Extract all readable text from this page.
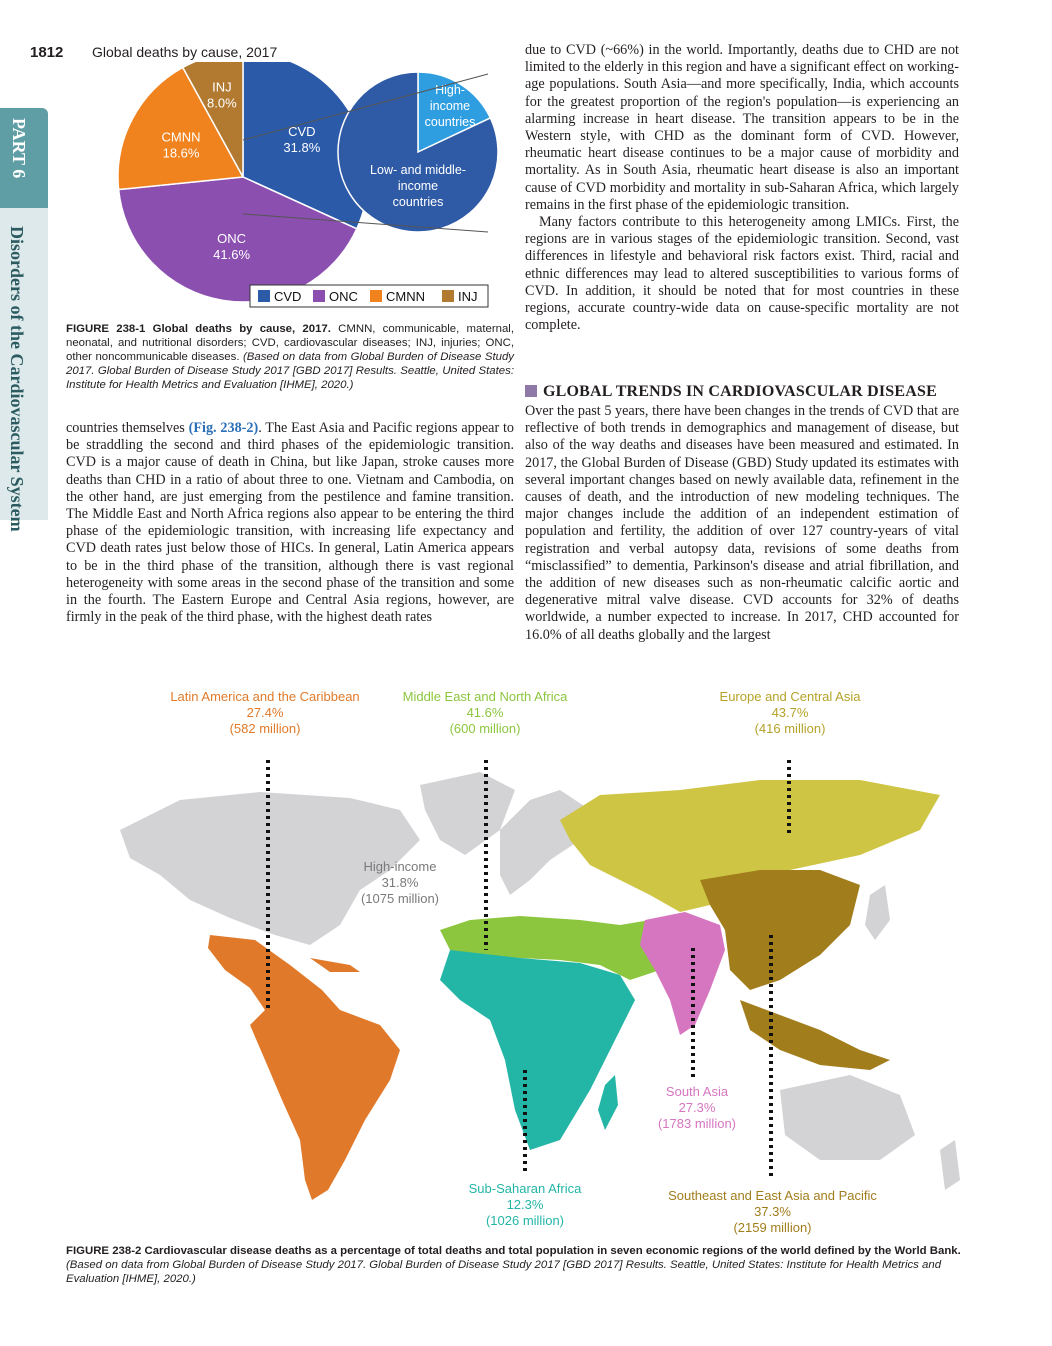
1812
PART 6
Disorders of the Cardiovascular System
Global deaths by cause, 2017
CVD
31.8%
ONC
41.6%
CMNN
18.6%
INJ
8.0%
High-
income
countries
Low- and middle-
income
countries
CVD ONC CMNN	INJ
FIGURE 238-1 Global deaths by cause, 2017. CMNN, communicable, maternal, neonatal, and nutritional disorders; CVD, cardiovascular diseases; INJ, injuries; ONC, other noncommunicable diseases. (Based on data from Global Burden of Disease Study 2017. Global Burden of Disease Study 2017 [GBD 2017] Results. Seattle, United States: Institute for Health Metrics and Evaluation [IHME], 2020.)

countries themselves (Fig. 238-2). The East Asia and Pacific regions appear to be straddling the second and third phases of the epidemiologic transition. CVD is a major cause of death in China, but like Japan, stroke causes more deaths than CHD in a ratio of about three to one. Vietnam and Cambodia, on the other hand, are just emerging from the pestilence and famine transition. The Middle East and North Africa regions also appear to be entering the third phase of the epidemiologic transition, with increasing life expectancy and CVD death rates just below those of HICs. In general, Latin America appears to be in the third phase of the transition, although there is vast regional heterogeneity with some areas in the second phase of the transition and some in the fourth. The Eastern Europe and Central Asia regions, however, are firmly in the peak of the third phase, with the highest death rates

due to CVD (~66%) in the world. Importantly, deaths due to CHD are not limited to the elderly in this region and have a significant effect on working-age populations. South Asia—and more specifically, India, which accounts for the greatest proportion of the region's population—is experiencing an alarming increase in heart disease. The transition appears to be in the Western style, with CHD as the dominant form of CVD. However, rheumatic heart disease continues to be a major cause of morbidity and mortality. As in South Asia, rheumatic heart disease is also an important cause of CVD morbidity and mortality in sub-Saharan Africa, which largely remains in the first phase of the epidemiologic transition.

Many factors contribute to this heterogeneity among LMICs. First, the regions are in various stages of the epidemiologic transition. Second, vast differences in lifestyle and behavioral risk factors exist. Third, racial and ethnic differences may lead to altered susceptibilities to various forms of CVD. In addition, it should be noted that for most countries in these regions, accurate country-wide data on cause-specific mortality are not complete.

GLOBAL TRENDS IN CARDIOVASCULAR DISEASE

Over the past 5 years, there have been changes in the trends of CVD that are reflective of both trends in demographics and management of disease, but also of the way deaths and diseases have been measured and estimated. In 2017, the Global Burden of Disease (GBD) Study updated its estimates with several important changes based on newly available data, refinement in the causes of death, and the introduction of new modeling techniques. The major changes include the addition of an independent estimation of population and fertility, the addition of over 127 country-years of vital registration and verbal autopsy data, revisions of some deaths from “misclassified” to dementia, Parkinson's disease and atrial fibrillation, and the addition of new diseases such as non-rheumatic calcific aortic and degenerative mitral valve disease. CVD accounts for 32% of deaths worldwide, a number expected to increase. In 2017, CHD accounted for 16.0% of all deaths globally and the largest

Latin America and the Caribbean
27.4%
(582 million)
Middle East and North Africa
41.6%
(600 million)
Europe and Central Asia
43.7%
(416 million)
High-income
31.8%
(1075 million)
South Asia
27.3%
(1783 million)
Sub-Saharan Africa
12.3%
(1026 million)
Southeast and East Asia and Pacific
37.3%
(2159 million)
FIGURE 238-2 Cardiovascular disease deaths as a percentage of total deaths and total population in seven economic regions of the world defined by the World Bank.
(Based on data from Global Burden of Disease Study 2017. Global Burden of Disease Study 2017 [GBD 2017] Results. Seattle, United States: Institute for Health Metrics and Evaluation [IHME], 2020.)
